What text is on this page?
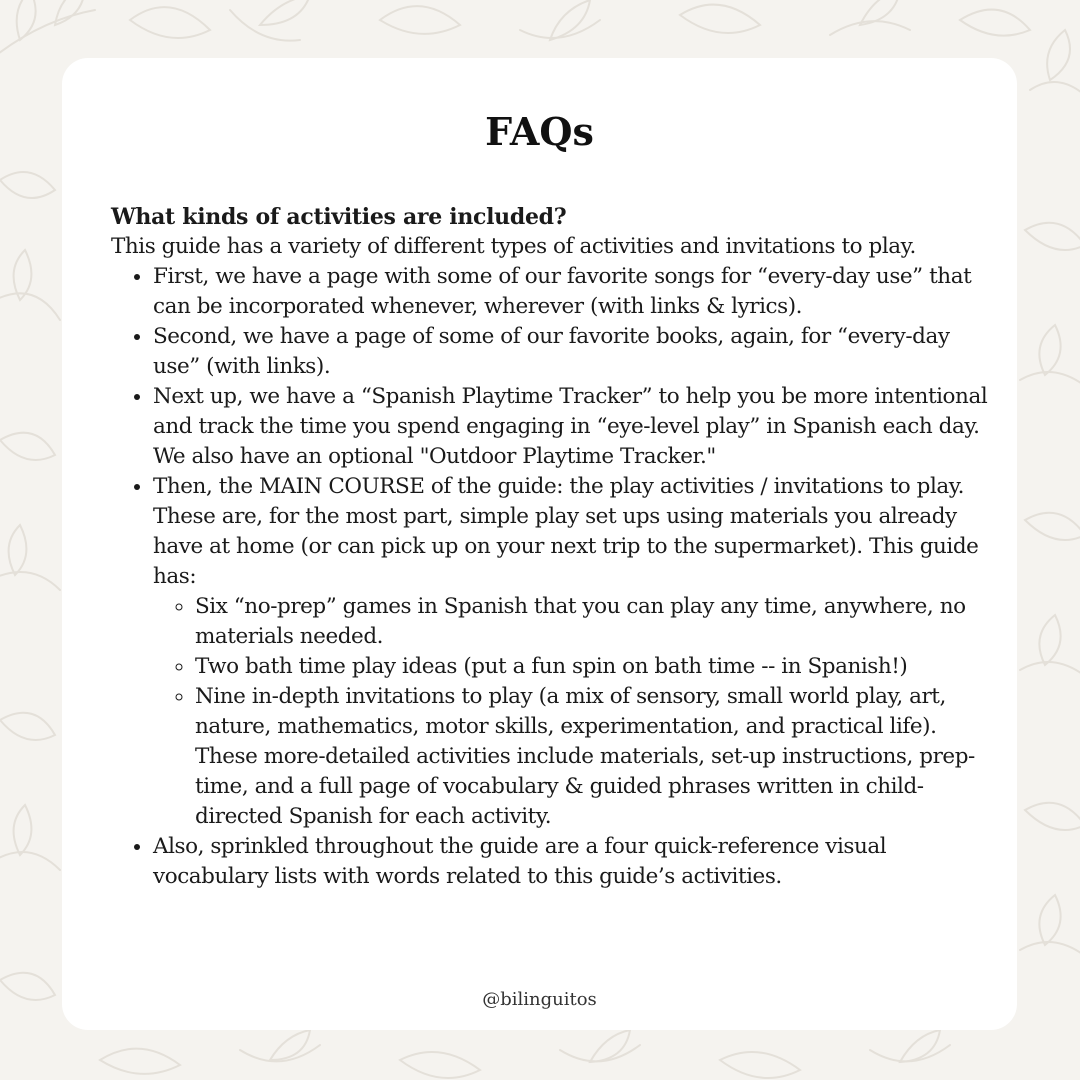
FAQs

What kinds of activities are included?

This guide has a variety of different types of activities and invitations to play.

• First, we have a page with some of our favorite songs for “every-day use” that can be incorporated whenever, wherever (with links & lyrics).
• Second, we have a page of some of our favorite books, again, for “every-day use” (with links).
• Next up, we have a “Spanish Playtime Tracker” to help you be more intentional and track the time you spend engaging in “eye-level play” in Spanish each day. We also have an optional "Outdoor Playtime Tracker."
• Then, the MAIN COURSE of the guide: the play activities / invitations to play. These are, for the most part, simple play set ups using materials you already have at home (or can pick up on your next trip to the supermarket). This guide has:
◦ Six “no-prep” games in Spanish that you can play any time, anywhere, no materials needed.
◦ Two bath time play ideas (put a fun spin on bath time -- in Spanish!)
◦ Nine in-depth invitations to play (a mix of sensory, small world play, art, nature, mathematics, motor skills, experimentation, and practical life). These more-detailed activities include materials, set-up instructions, prep-time, and a full page of vocabulary & guided phrases written in child-directed Spanish for each activity.
• Also, sprinkled throughout the guide are a four quick-reference visual vocabulary lists with words related to this guide’s activities.
@bilinguitos
